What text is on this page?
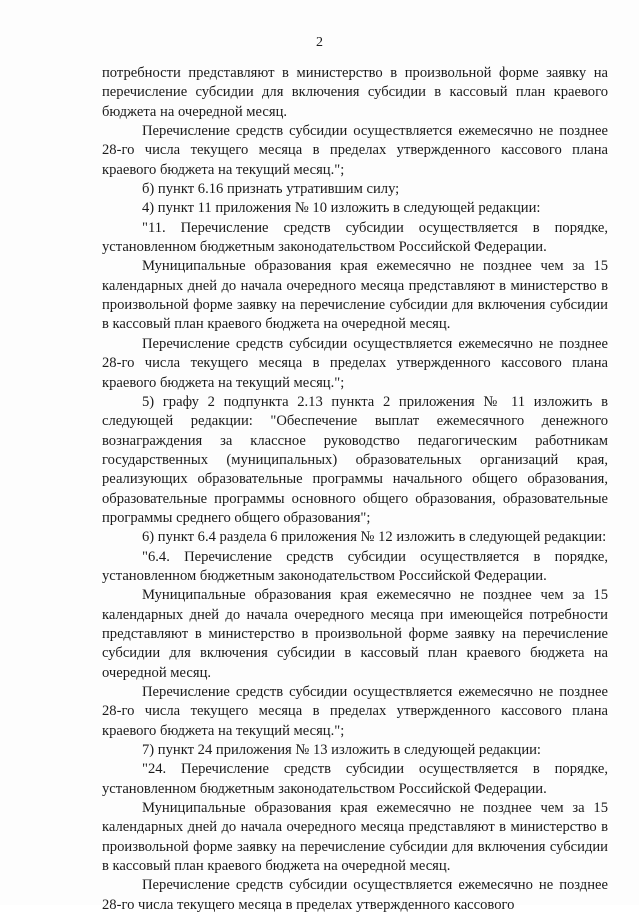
2

потребности представляют в министерство в произвольной форме заявку на перечисление субсидии для включения субсидии в кассовый план краевого бюджета на очередной месяц.

Перечисление средств субсидии осуществляется ежемесячно не позднее 28-го числа текущего месяца в пределах утвержденного кассового плана краевого бюджета на текущий месяц.";

б) пункт 6.16 признать утратившим силу;

4) пункт 11 приложения № 10 изложить в следующей редакции:

"11. Перечисление средств субсидии осуществляется в порядке, установленном бюджетным законодательством Российской Федерации.

Муниципальные образования края ежемесячно не позднее чем за 15 календарных дней до начала очередного месяца представляют в министерство в произвольной форме заявку на перечисление субсидии для включения субсидии в кассовый план краевого бюджета на очередной месяц.

Перечисление средств субсидии осуществляется ежемесячно не позднее 28-го числа текущего месяца в пределах утвержденного кассового плана краевого бюджета на текущий месяц.";

5) графу 2 подпункта 2.13 пункта 2 приложения № 11 изложить в следующей редакции: "Обеспечение выплат ежемесячного денежного вознаграждения за классное руководство педагогическим работникам государственных (муниципальных) образовательных организаций края, реализующих образовательные программы начального общего образования, образовательные программы основного общего образования, образовательные программы среднего общего образования";

6) пункт 6.4 раздела 6 приложения № 12 изложить в следующей редакции:

"6.4. Перечисление средств субсидии осуществляется в порядке, установленном бюджетным законодательством Российской Федерации.

Муниципальные образования края ежемесячно не позднее чем за 15 календарных дней до начала очередного месяца при имеющейся потребности представляют в министерство в произвольной форме заявку на перечисление субсидии для включения субсидии в кассовый план краевого бюджета на очередной месяц.

Перечисление средств субсидии осуществляется ежемесячно не позднее 28-го числа текущего месяца в пределах утвержденного кассового плана краевого бюджета на текущий месяц.";

7) пункт 24 приложения № 13 изложить в следующей редакции:

"24. Перечисление средств субсидии осуществляется в порядке, установленном бюджетным законодательством Российской Федерации.

Муниципальные образования края ежемесячно не позднее чем за 15 календарных дней до начала очередного месяца представляют в министерство в произвольной форме заявку на перечисление субсидии для включения субсидии в кассовый план краевого бюджета на очередной месяц.

Перечисление средств субсидии осуществляется ежемесячно не позднее 28-го числа текущего месяца в пределах утвержденного кассового
